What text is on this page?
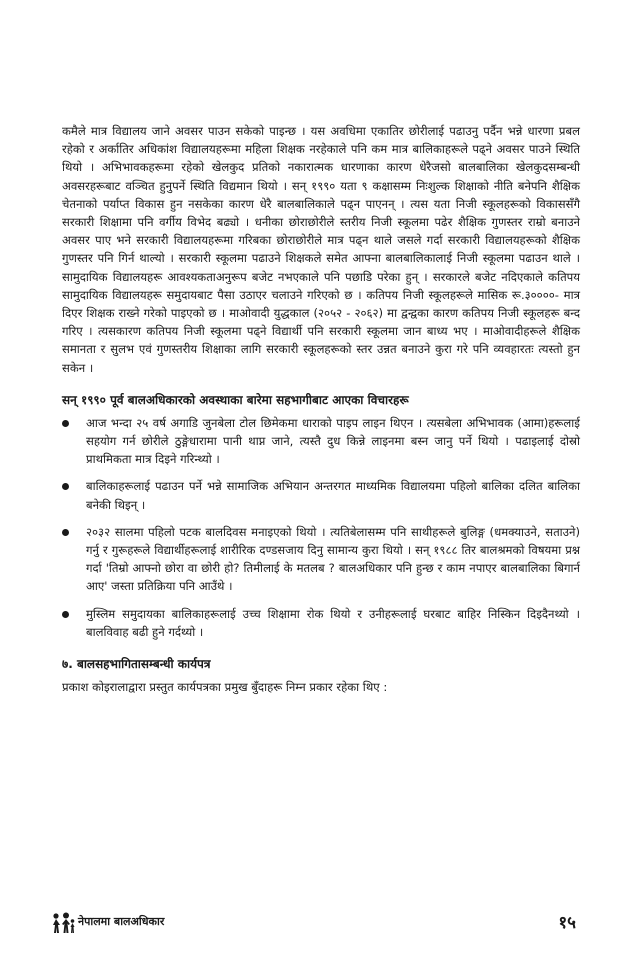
कमैले मात्र विद्यालय जाने अवसर पाउन सकेको पाइन्छ । यस अवधिमा एकातिर छोरीलाई पढाउनु पर्दैन भन्ने धारणा प्रबल रहेको र अर्कातिर अधिकांश विद्यालयहरूमा महिला शिक्षक नरहेकाले पनि कम मात्र बालिकाहरूले पढ्ने अवसर पाउने स्थिति थियो । अभिभावकहरूमा रहेको खेलकुद प्रतिको नकारात्मक धारणाका कारण धेरैजसो बालबालिका खेलकुदसम्बन्धी अवसरहरूबाट वञ्चित हुनुपर्ने स्थिति विद्यमान थियो । सन् १९९० यता ९ कक्षासम्म निःशुल्क शिक्षाको नीति बनेपनि शैक्षिक चेतनाको पर्याप्त विकास हुन नसकेका कारण धेरै बालबालिकाले पढ्न पाएनन् । त्यस यता निजी स्कूलहरूको विकाससँगै सरकारी शिक्षामा पनि वर्गीय विभेद बढ्यो । धनीका छोराछोरीले स्तरीय निजी स्कूलमा पढेर शैक्षिक गुणस्तर राम्रो बनाउने अवसर पाए भने सरकारी विद्यालयहरूमा गरिबका छोराछोरीले मात्र पढ्न थाले जसले गर्दा सरकारी विद्यालयहरूको शैक्षिक गुणस्तर पनि गिर्न थाल्यो । सरकारी स्कूलमा पढाउने शिक्षकले समेत आफ्ना बालबालिकालाई निजी स्कूलमा पढाउन थाले । सामुदायिक विद्यालयहरू आवश्यकताअनुरूप बजेट नभएकाले पनि पछाडि परेका हुन् । सरकारले बजेट नदिएकाले कतिपय सामुदायिक विद्यालयहरू समुदायबाट पैसा उठाएर चलाउने गरिएको छ । कतिपय निजी स्कूलहरूले मासिक रू.३००००- मात्र दिएर शिक्षक राख्ने गरेको पाइएको छ । माओवादी युद्धकाल (२०५२ - २०६२) मा द्वन्द्वका कारण कतिपय निजी स्कूलहरू बन्द गरिए । त्यसकारण कतिपय निजी स्कूलमा पढ्ने विद्यार्थी पनि सरकारी स्कूलमा जान बाध्य भए । माओवादीहरूले शैक्षिक समानता र सुलभ एवं गुणस्तरीय शिक्षाका लागि सरकारी स्कूलहरूको स्तर उन्नत बनाउने कुरा गरे पनि व्यवहारतः त्यस्तो हुन सकेन ।

सन् १९९० पूर्व बालअधिकारको अवस्थाका बारेमा सहभागीबाट आएका विचारहरू
आज भन्दा २५ वर्ष अगाडि जुनबेला टोल छिमेकमा धाराको पाइप लाइन थिएन । त्यसबेला अभिभावक (आमा)हरूलाई सहयोग गर्न छोरीले ठुङ्गेधारामा पानी थाप्न जाने, त्यस्तै दुध किन्ने लाइनमा बस्न जानु पर्ने थियो । पढाइलाई दोस्रो प्राथमिकता मात्र दिइने गरिन्थ्यो ।
बालिकाहरूलाई पढाउन पर्ने भन्ने सामाजिक अभियान अन्तरगत माध्यमिक विद्यालयमा पहिलो बालिका दलित बालिका बनेकी थिइन् ।
२०३२ सालमा पहिलो पटक बालदिवस मनाइएको थियो । त्यतिबेलासम्म पनि साथीहरूले बुलिङ्ग (धमक्याउने, सताउने) गर्नु र गुरूहरूले विद्यार्थीहरूलाई शारीरिक दण्डसजाय दिनु सामान्य कुरा थियो । सन् १९८८ तिर बालश्रमको विषयमा प्रश्न गर्दा 'तिम्रो आफ्नो छोरा वा छोरी हो? तिमीलाई के मतलब ? बालअधिकार पनि हुन्छ र काम नपाएर बालबालिका बिगार्न आए' जस्ता प्रतिक्रिया पनि आउँथे ।
मुस्लिम समुदायका बालिकाहरूलाई उच्च शिक्षामा रोक थियो र उनीहरूलाई घरबाट बाहिर निस्किन दिइदैनथ्यो । बालविवाह बढी हुने गर्दथ्यो ।
७. बालसहभागितासम्बन्धी कार्यपत्र

प्रकाश कोइरालाद्वारा प्रस्तुत कार्यपत्रका प्रमुख बुँदाहरू निम्न प्रकार रहेका थिए :

नेपालमा बालअधिकार	१५
